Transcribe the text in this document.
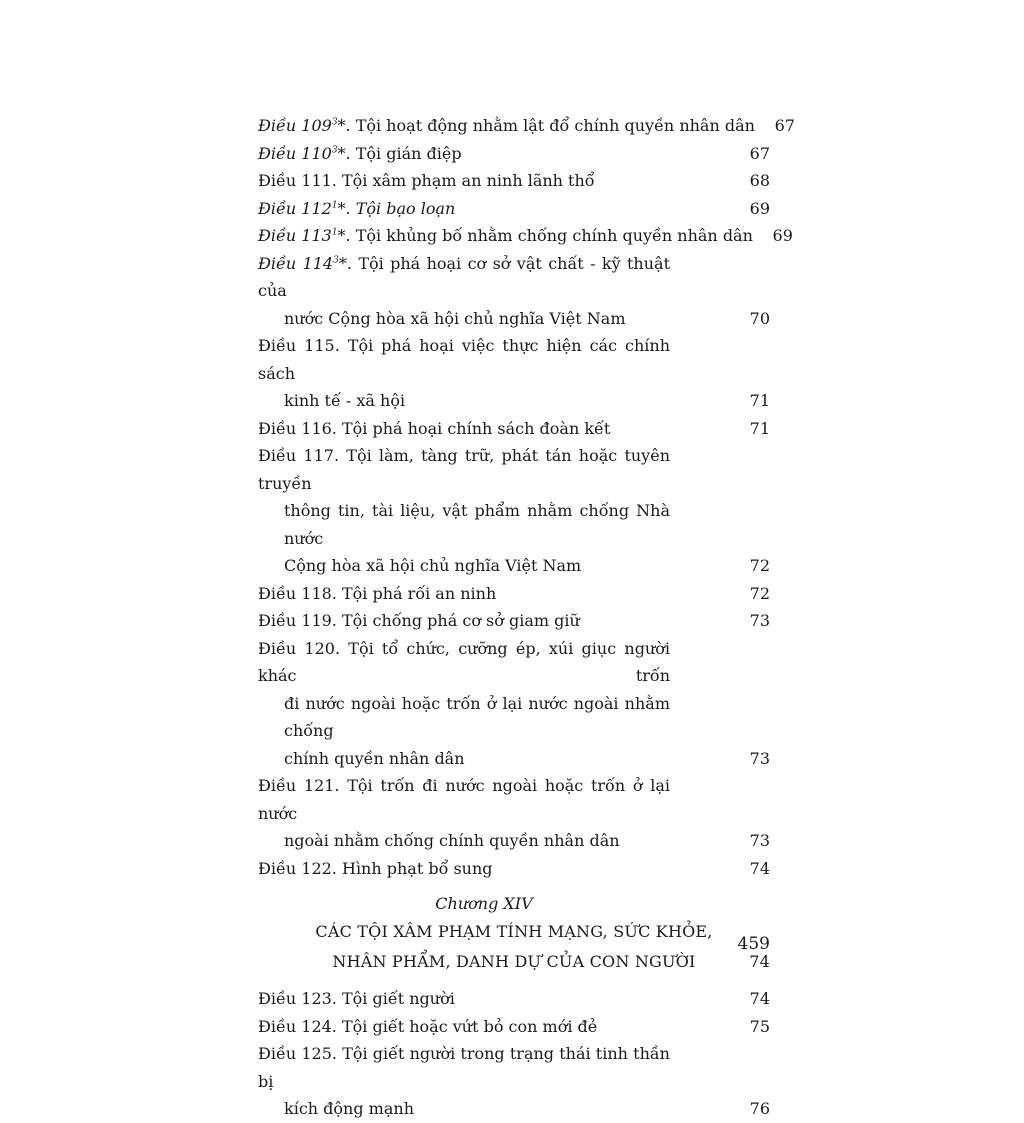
Điều $109^3*$. Tội hoạt động nhằm lật đổ chính quyền nhân dân	67
Điều $110^3*$. Tội gián điệp	67
Điều 111. Tội xâm phạm an ninh lãnh thổ	68
Điều $112^1*$. Tội bạo loạn	69
Điều $113^1*$. Tội khủng bố nhằm chống chính quyền nhân dân	69
Điều $114^3*$. Tội phá hoại cơ sở vật chất - kỹ thuật của
nước Cộng hòa xã hội chủ nghĩa Việt Nam	70
Điều 115. Tội phá hoại việc thực hiện các chính sách
kinh tế - xã hội	71
Điều 116. Tội phá hoại chính sách đoàn kết	71
Điều 117. Tội làm, tàng trữ, phát tán hoặc tuyên truyền
thông tin, tài liệu, vật phẩm nhằm chống Nhà nước
Cộng hòa xã hội chủ nghĩa Việt Nam	72
Điều 118. Tội phá rối an ninh	72
Điều 119. Tội chống phá cơ sở giam giữ	73
Điều 120. Tội tổ chức, cưỡng ép, xúi giục người khác trốn
đi nước ngoài hoặc trốn ở lại nước ngoài nhằm chống
chính quyền nhân dân	73
Điều 121. Tội trốn đi nước ngoài hoặc trốn ở lại nước
ngoài nhằm chống chính quyền nhân dân	73
Điều 122. Hình phạt bổ sung	74
Chương XIV
CÁC TỘI XÂM PHẠM TÍNH MẠNG, SỨC KHỎE,
NHÂN PHẨM, DANH DỰ CỦA CON NGƯỜI	74
Điều 123. Tội giết người	74
Điều 124. Tội giết hoặc vứt bỏ con mới đẻ	75
Điều 125. Tội giết người trong trạng thái tinh thần bị
kích động mạnh	76
459
